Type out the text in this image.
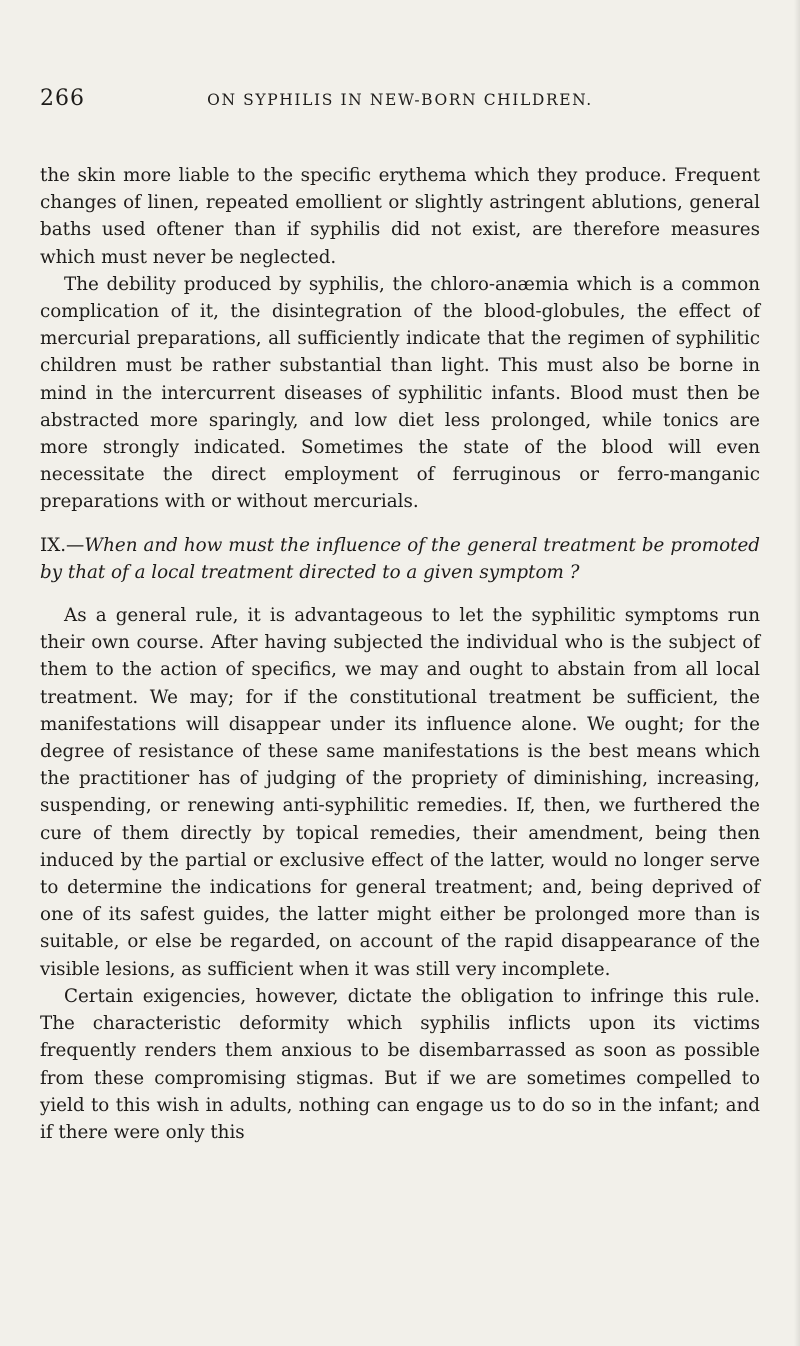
266	ON SYPHILIS IN NEW-BORN CHILDREN.

the skin more liable to the specific erythema which they produce. Frequent changes of linen, repeated emollient or slightly astringent ablutions, general baths used oftener than if syphilis did not exist, are therefore measures which must never be neglected.

The debility produced by syphilis, the chloro-anæmia which is a common complication of it, the disintegration of the blood-globules, the effect of mercurial preparations, all sufficiently indicate that the regimen of syphilitic children must be rather substantial than light. This must also be borne in mind in the intercurrent diseases of syphilitic infants. Blood must then be abstracted more sparingly, and low diet less prolonged, while tonics are more strongly indicated. Sometimes the state of the blood will even necessitate the direct employment of ferruginous or ferro-manganic preparations with or without mercurials.

IX.—When and how must the influence of the general treatment be promoted by that of a local treatment directed to a given symptom ?

As a general rule, it is advantageous to let the syphilitic symptoms run their own course. After having subjected the individual who is the subject of them to the action of specifics, we may and ought to abstain from all local treatment. We may; for if the constitutional treatment be sufficient, the manifestations will disappear under its influence alone. We ought; for the degree of resistance of these same manifestations is the best means which the practitioner has of judging of the propriety of diminishing, increasing, suspending, or renewing anti-syphilitic remedies. If, then, we furthered the cure of them directly by topical remedies, their amendment, being then induced by the partial or exclusive effect of the latter, would no longer serve to determine the indications for general treatment; and, being deprived of one of its safest guides, the latter might either be prolonged more than is suitable, or else be regarded, on account of the rapid disappearance of the visible lesions, as sufficient when it was still very incomplete.

Certain exigencies, however, dictate the obligation to infringe this rule. The characteristic deformity which syphilis inflicts upon its victims frequently renders them anxious to be disembarrassed as soon as possible from these compromising stigmas. But if we are sometimes compelled to yield to this wish in adults, nothing can engage us to do so in the infant; and if there were only this
